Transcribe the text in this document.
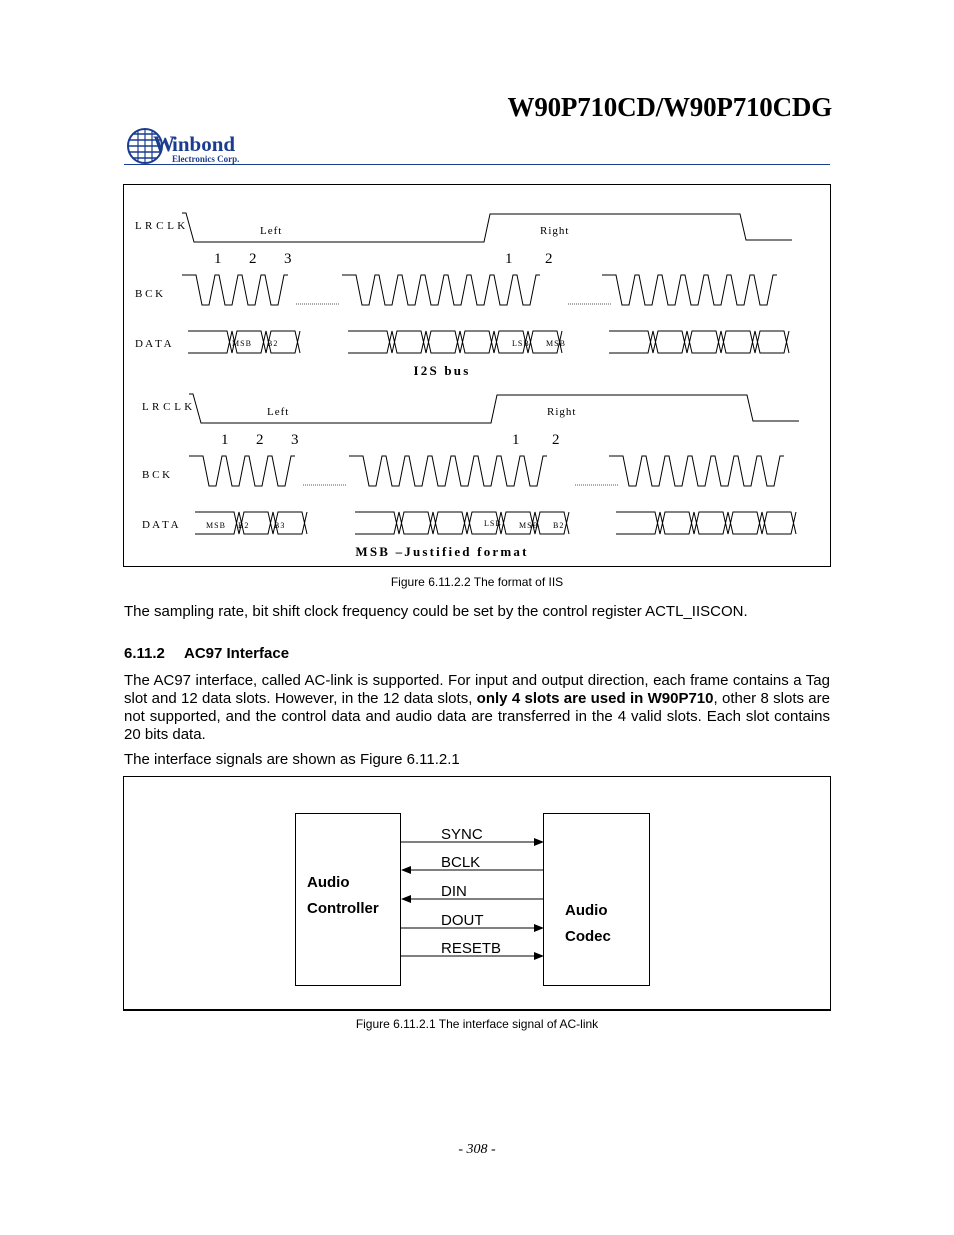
W90P710CD/W90P710CDG
W
inbond
Electronics Corp.
L R C L K
B C K
D A T A
Left	Right
1 2 3	1 2
MSB B2	LSB MSB
I2S bus
L R C L K
B C K
D A T A
Left	Right
1 2 3	1 2
MSB B2	B3	LSB MSB B2
MSB –Justified format
Figure 6.11.2.2 The format of IIS
The sampling rate, bit shift clock frequency could be set by the control register ACTL_IISCON.
6.11.2 AC97 Interface
The AC97 interface, called AC-link is supported. For input and output direction, each frame contains a Tag slot and 12 data slots. However, in the 12 data slots, only 4 slots are used in W90P710, other 8 slots are not supported, and the control data and audio data are transferred in the 4 valid slots. Each slot contains 20 bits data.
The interface signals are shown as Figure 6.11.2.1
Audio
Controller	Audio
Codec
SYNC
BCLK
DIN
DOUT
RESETB
Figure 6.11.2.1 The interface signal of AC-link
- 308 -
